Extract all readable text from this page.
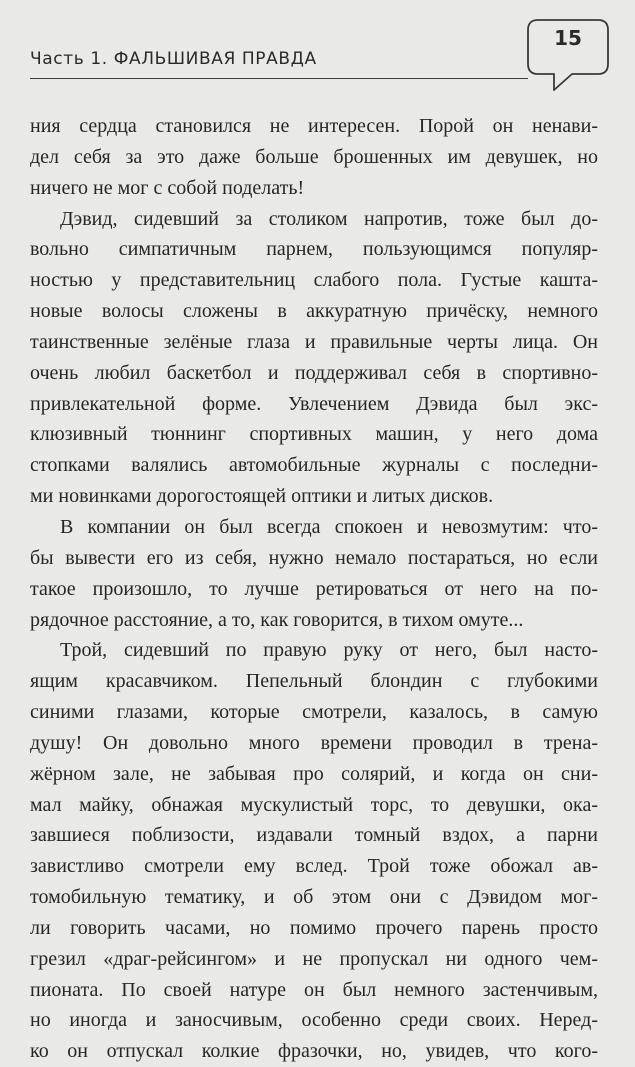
Часть 1. ФАЛЬШИВАЯ ПРАВДА
15
ния сердца становился не интересен. Порой он ненави-
дел себя за это даже больше брошенных им девушек, но
ничего не мог с собой поделать!
Дэвид, сидевший за столиком напротив, тоже был до-
вольно симпатичным парнем, пользующимся популяр-
ностью у представительниц слабого пола. Густые кашта-
новые волосы сложены в аккуратную причёску, немного
таинственные зелёные глаза и правильные черты лица. Он
очень любил баскетбол и поддерживал себя в спортивно-
привлекательной форме. Увлечением Дэвида был экс-
клюзивный тюннинг спортивных машин, у него дома
стопками валялись автомобильные журналы с последни-
ми новинками дорогостоящей оптики и литых дисков.
В компании он был всегда спокоен и невозмутим: что-
бы вывести его из себя, нужно немало постараться, но если
такое произошло, то лучше ретироваться от него на по-
рядочное расстояние, а то, как говорится, в тихом омуте...
Трой, сидевший по правую руку от него, был насто-
ящим красавчиком. Пепельный блондин с глубокими
синими глазами, которые смотрели, казалось, в самую
душу! Он довольно много времени проводил в трена-
жёрном зале, не забывая про солярий, и когда он сни-
мал майку, обнажая мускулистый торс, то девушки, ока-
завшиеся поблизости, издавали томный вздох, а парни
завистливо смотрели ему вслед. Трой тоже обожал ав-
томобильную тематику, и об этом они с Дэвидом мог-
ли говорить часами, но помимо прочего парень просто
грезил «драг-рейсингом» и не пропускал ни одного чем-
пионата. По своей натуре он был немного застенчивым,
но иногда и заносчивым, особенно среди своих. Неред-
ко он отпускал колкие фразочки, но, увидев, что кого-
